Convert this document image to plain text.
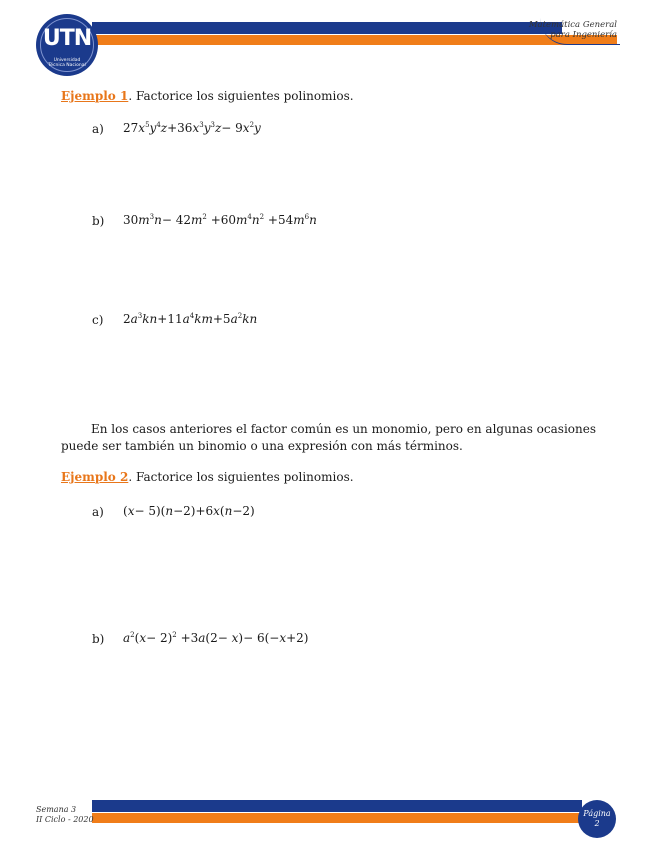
UTN
Universidad
Técnica Nacional
Matemática General
para Ingeniería
Ejemplo 1. Factorice los siguientes polinomios.
a) $27x^5y^4z+36x^3y^3z- 9x^2y$
b) $30m^3n- 42m^2 +60m^4n^2 +54m^6n$
c) $2a^3kn+11a^4km+5a^2kn$
En los casos anteriores el factor común es un monomio, pero en algunas ocasiones puede ser también un binomio o una expresión con más términos.
Ejemplo 2. Factorice los siguientes polinomios.
a) (x− 5)(n−2)+6x(n−2)
b) $a^2(x- 2)^2 +3a(2- x)- 6(-x+2)$
Semana 3
II Ciclo - 2020
Página
2
